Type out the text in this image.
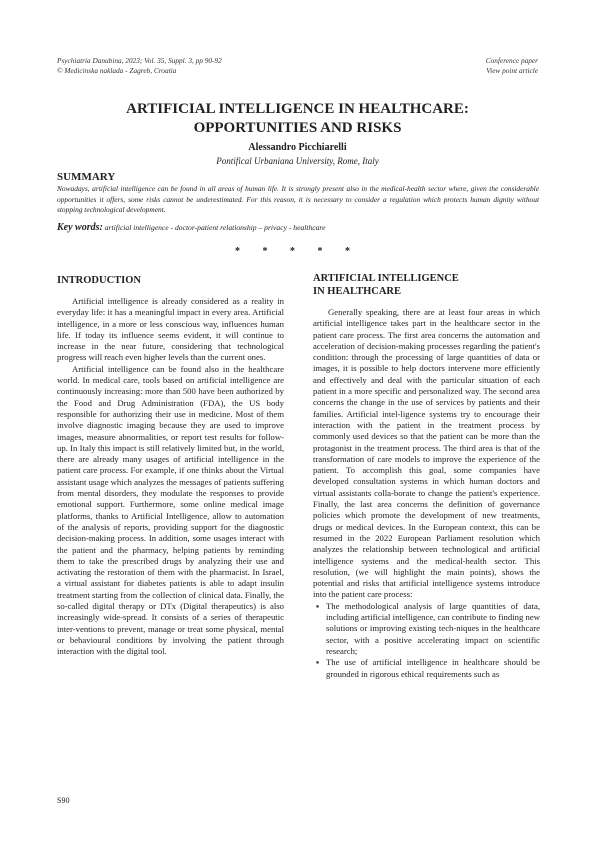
Psychiatria Danubina, 2023; Vol. 35, Suppl. 3, pp 90-92
© Medicinska naklada - Zagreb, Croatia
Conference paper
View point article
ARTIFICIAL INTELLIGENCE IN HEALTHCARE:
OPPORTUNITIES AND RISKS
Alessandro Picchiarelli
Pontifical Urbaniana University, Rome, Italy
SUMMARY
Nowadays, artificial intelligence can be found in all areas of human life. It is strongly present also in the medical-health sector where, given the considerable opportunities it offers, some risks cannot be underestimated. For this reason, it is necessary to consider a regulation which protects human dignity without stopping technological development.
Key words: artificial intelligence - doctor-patient relationship – privacy - healthcare
* * * * *
INTRODUCTION

Artificial intelligence is already considered as a reality in everyday life: it has a meaningful impact in every area. Artificial intelligence, in a more or less conscious way, influences human life. If today its influence seems evident, it will continue to increase in the near future, considering that technological progress will reach even higher levels than the current ones.

Artificial intelligence can be found also in the healthcare world. In medical care, tools based on artificial intelligence are continuously increasing: more than 500 have been authorized by the Food and Drug Administration (FDA), the US body responsible for authorizing their use in medicine. Most of them involve diagnostic imaging because they are used to improve images, measure abnormalities, or report test results for follow-up. In Italy this impact is still relatively limited but, in the world, there are already many usages of artificial intelligence in the patient care process. For example, if one thinks about the Virtual assistant usage which analyzes the messages of patients suffering from mental disorders, they modulate the responses to provide emotional support. Furthermore, some online medical image platforms, thanks to Artificial Intelligence, allow to automation of the analysis of reports, providing support for the diagnostic decision-making process. In addition, some usages interact with the patient and the pharmacy, helping patients by reminding them to take the prescribed drugs by analyzing their use and activating the restoration of them with the pharmacist. In Israel, a virtual assistant for diabetes patients is able to adapt insulin treatment starting from the collection of clinical data. Finally, the so-called digital therapy or DTx (Digital therapeutics) is also increasingly wide-spread. It consists of a series of therapeutic inter-ventions to prevent, manage or treat some physical, mental or behavioural conditions by involving the patient through interaction with the digital tool.

ARTIFICIAL INTELLIGENCE
IN HEALTHCARE

Generally speaking, there are at least four areas in which artificial intelligence takes part in the healthcare sector in the patient care process. The first area concerns the automation and acceleration of decision-making processes regarding the patient's condition: through the processing of large quantities of data or images, it is possible to help doctors intervene more efficiently and effectively and deal with the particular situation of each patient in a more specific and personalized way. The second area concerns the change in the use of services by patients and their families. Artificial intel-ligence systems try to encourage their interaction with the patient in the treatment process by commonly used devices so that the patient can be more than the protagonist in the treatment process. The third area is that of the transformation of care models to improve the experience of the patient. To accomplish this goal, some companies have developed consultation systems in which human doctors and virtual assistants colla-borate to change the patient's experience. Finally, the last area concerns the definition of governance policies which promote the development of new treatments, drugs or medical devices. In the European context, this can be resumed in the 2022 European Parliament resolution which analyzes the relationship between technological and artificial intelligence systems and the medical-health sector. This resolution, (we will highlight the main points), shows the potential and risks that artificial intelligence systems introduce into the patient care process:

▪ The methodological analysis of large quantities of data, including artificial intelligence, can contribute to finding new solutions or improving existing tech-niques in the healthcare sector, with a positive accelerating impact on scientific research;
▪ The use of artificial intelligence in healthcare should be grounded in rigorous ethical requirements such as
S90
